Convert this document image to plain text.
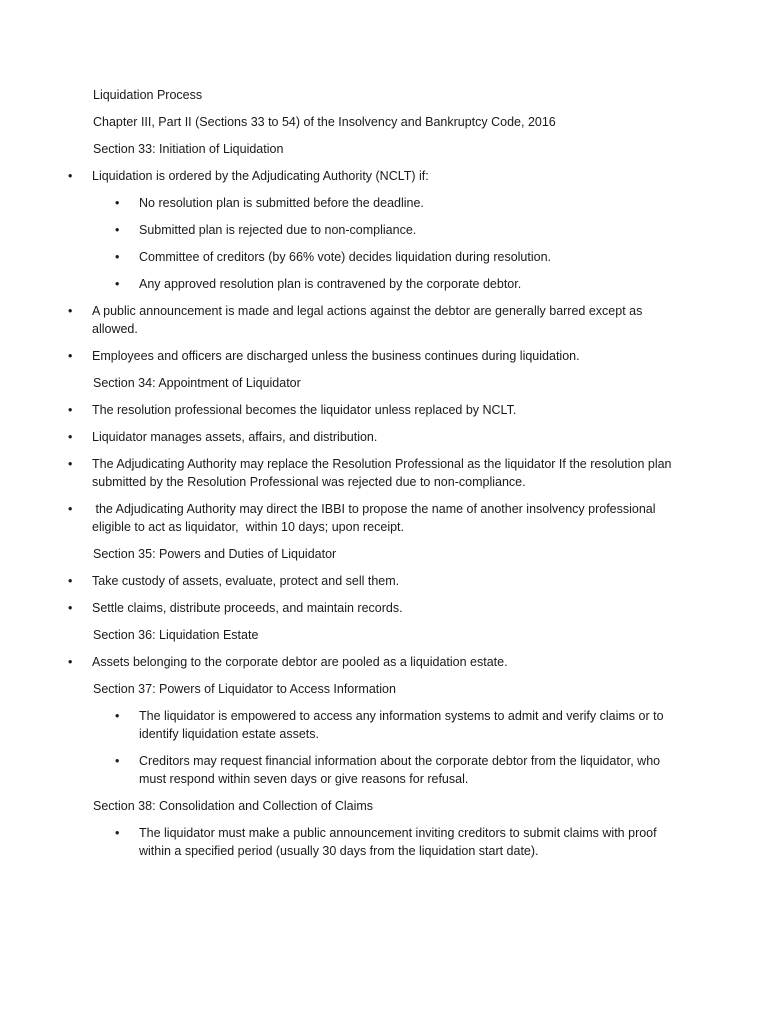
Liquidation Process

Chapter III, Part II (Sections 33 to 54) of the Insolvency and Bankruptcy Code, 2016

Section 33: Initiation of Liquidation

• Liquidation is ordered by the Adjudicating Authority (NCLT) if:
• No resolution plan is submitted before the deadline.
• Submitted plan is rejected due to non-compliance.
• Committee of creditors (by 66% vote) decides liquidation during resolution.
• Any approved resolution plan is contravened by the corporate debtor.
• A public announcement is made and legal actions against the debtor are generally barred except as allowed.
• Employees and officers are discharged unless the business continues during liquidation.

Section 34: Appointment of Liquidator

• The resolution professional becomes the liquidator unless replaced by NCLT.
• Liquidator manages assets, affairs, and distribution.
• The Adjudicating Authority may replace the Resolution Professional as the liquidator If the resolution plan submitted by the Resolution Professional was rejected due to non-compliance.
•  the Adjudicating Authority may direct the IBBI to propose the name of another insolvency professional eligible to act as liquidator,  within 10 days; upon receipt.

Section 35: Powers and Duties of Liquidator

• Take custody of assets, evaluate, protect and sell them.
• Settle claims, distribute proceeds, and maintain records.

Section 36: Liquidation Estate

• Assets belonging to the corporate debtor are pooled as a liquidation estate.

Section 37: Powers of Liquidator to Access Information

• The liquidator is empowered to access any information systems to admit and verify claims or to identify liquidation estate assets.
• Creditors may request financial information about the corporate debtor from the liquidator, who must respond within seven days or give reasons for refusal.

Section 38: Consolidation and Collection of Claims

• The liquidator must make a public announcement inviting creditors to submit claims with proof within a specified period (usually 30 days from the liquidation start date).
